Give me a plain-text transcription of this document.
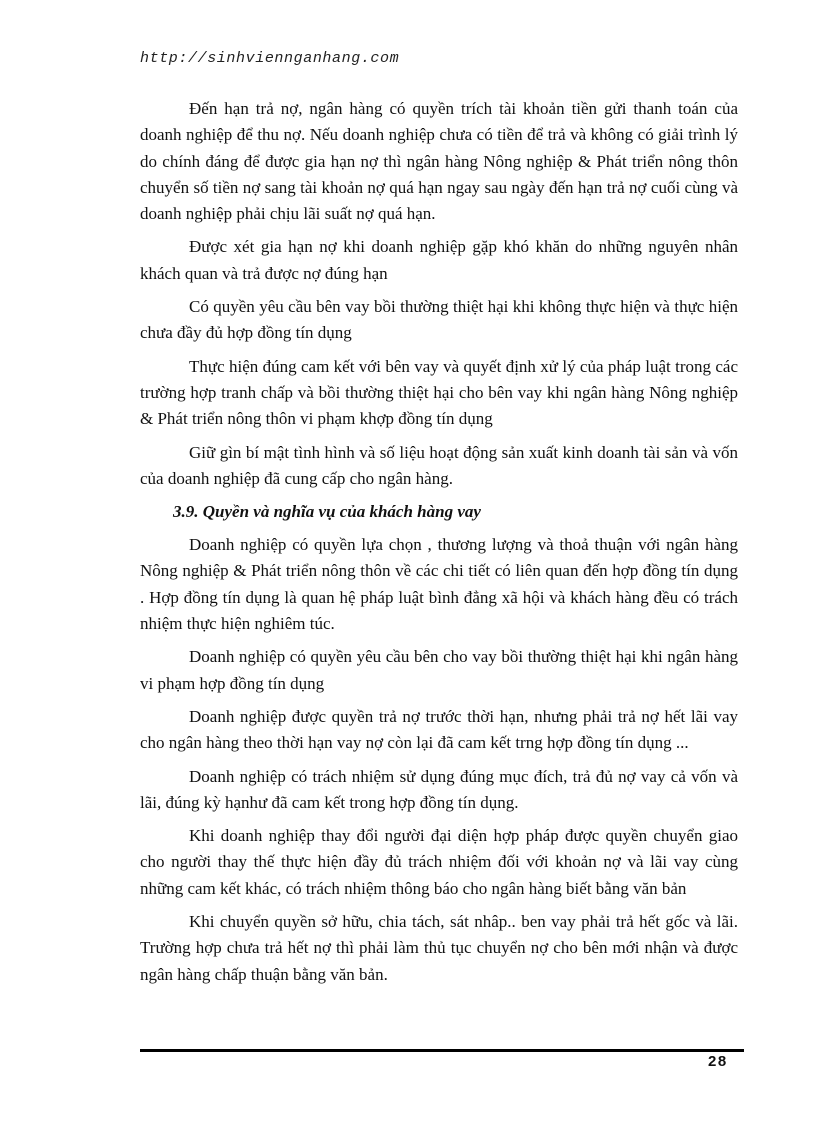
http://sinhviennganhang.com

Đến hạn trả nợ, ngân hàng có quyền trích tài khoản tiền gửi thanh toán của doanh nghiệp để thu nợ. Nếu doanh nghiệp chưa có tiền để trả và không có giải trình lý do chính đáng để được gia hạn nợ thì ngân hàng Nông nghiệp & Phát triển nông thôn chuyển số tiền nợ sang tài khoản nợ quá hạn ngay sau ngày đến hạn trả nợ cuối cùng và doanh nghiệp phải chịu lãi suất nợ quá hạn.

Được xét gia hạn nợ khi doanh nghiệp gặp khó khăn do những nguyên nhân khách quan và trả được nợ đúng hạn

Có quyền yêu cầu bên vay bồi thường thiệt hại khi không thực hiện và thực hiện chưa đầy đủ hợp đồng tín dụng

Thực hiện đúng cam kết với bên vay và quyết định xử lý của pháp luật trong các trường hợp tranh chấp và bồi thường thiệt hại cho bên vay khi ngân hàng Nông nghiệp & Phát triển nông thôn vi phạm khợp đồng tín dụng

Giữ gìn bí mật tình hình và số liệu hoạt động sản xuất kinh doanh tài sản và vốn của doanh nghiệp đã cung cấp cho ngân hàng.

3.9. Quyền và nghĩa vụ của khách hàng vay

Doanh nghiệp có quyền lựa chọn , thương lượng và thoả thuận với ngân hàng Nông nghiệp & Phát triển nông thôn về các chi tiết có liên quan đến hợp đồng tín dụng . Hợp đồng tín dụng là quan hệ pháp luật bình đẳng xã hội và khách hàng đều có trách nhiệm thực hiện nghiêm túc.

Doanh nghiệp có quyền yêu cầu bên cho vay bồi thường thiệt hại khi ngân hàng vi phạm hợp đồng tín dụng

Doanh nghiệp được quyền trả nợ trước thời hạn, nhưng phải trả nợ hết lãi vay cho ngân hàng theo thời hạn vay nợ còn lại đã cam kết trng hợp đồng tín dụng ...

Doanh nghiệp có trách nhiệm sử dụng đúng mục đích, trả đủ nợ vay cả vốn và lãi, đúng kỳ hạnhư đã cam kết trong hợp đồng tín dụng.

Khi doanh nghiệp thay đổi người đại diện hợp pháp được quyền chuyển giao cho người thay thế thực hiện đầy đủ trách nhiệm đối với khoản nợ và lãi vay cùng những cam kết khác, có trách nhiệm thông báo cho ngân hàng biết bằng văn bản

Khi chuyển quyền sở hữu, chia tách, sát nhâp.. ben vay phải trả hết gốc và lãi. Trường hợp chưa trả hết nợ thì phải làm thủ tục chuyển nợ cho bên mới nhận và được ngân hàng chấp thuận bằng văn bản.

28
